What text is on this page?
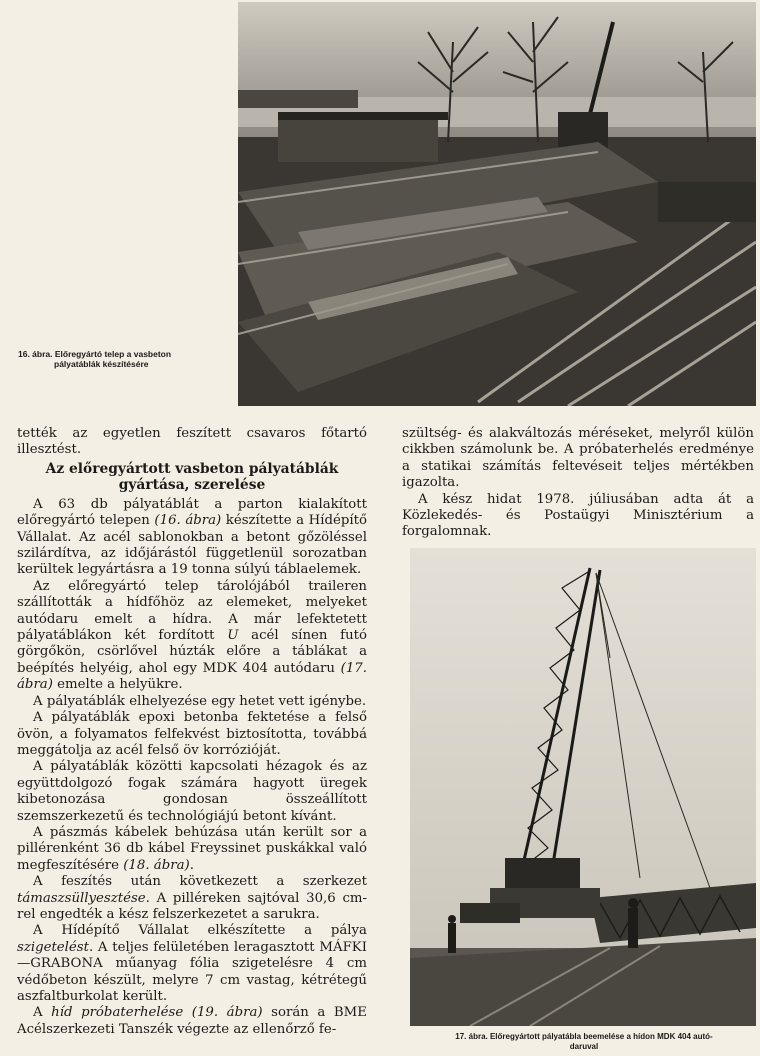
16. ábra. Előregyártó telep a vasbeton
pályatáblák készítésére

tették az egyetlen feszített csavaros főtartó illesztést.

Az előregyártott vasbeton pályatáblák gyártása, szerelése

A 63 db pályatáblát a parton kialakított előregyártó telepen (16. ábra) készítette a Hídépítő Vállalat. Az acél sablonokban a betont gőzöléssel szilárdítva, az időjárástól függetlenül sorozatban kerültek legyártásra a 19 tonna súlyú táblaelemek.

Az előregyártó telep tárolójából traileren szállították a hídfőhöz az elemeket, melyeket autódaru emelt a hídra. A már lefektetett pályatáblákon két fordított U acél sínen futó görgőkön, csörlővel húzták előre a táblákat a beépítés helyéig, ahol egy MDK 404 autódaru (17. ábra) emelte a helyükre.

A pályatáblák elhelyezése egy hetet vett igénybe.

A pályatáblák epoxi betonba fektetése a felső övön, a folyamatos felfekvést biztosította, továbbá meggátolja az acél felső öv korrózióját.

A pályatáblák közötti kapcsolati hézagok és az együttdolgozó fogak számára hagyott üregek kibetonozása gondosan összeállított szemszerkezetű és technológiájú betont kívánt.

A pászmás kábelek behúzása után került sor a pillérenként 36 db kábel Freyssinet puskákkal való megfeszítésére (18. ábra).

A feszítés után következett a szerkezet támaszsüllyesztése. A pilléreken sajtóval 30,6 cm-rel engedték a kész felszerkezetet a sarukra.

A Hídépítő Vállalat elkészítette a pálya szigetelést. A teljes felületében leragasztott MÁFKI—GRABONA műanyag fólia szigetelésre 4 cm védőbeton készült, melyre 7 cm vastag, kétrétegű aszfaltburkolat került.

A híd próbaterhelése (19. ábra) során a BME Acélszerkezeti Tanszék végezte az ellenőrző fe-

szültség- és alakváltozás méréseket, melyről külön cikkben számolunk be. A próbaterhelés eredménye a statikai számítás feltevéseit teljes mértékben igazolta.

A kész hidat 1978. júliusában adta át a Közlekedés- és Postaügyi Minisztérium a forgalomnak.

17. ábra. Előregyártott pályatábla beemelése a hídon MDK 404 autó-
daruval
